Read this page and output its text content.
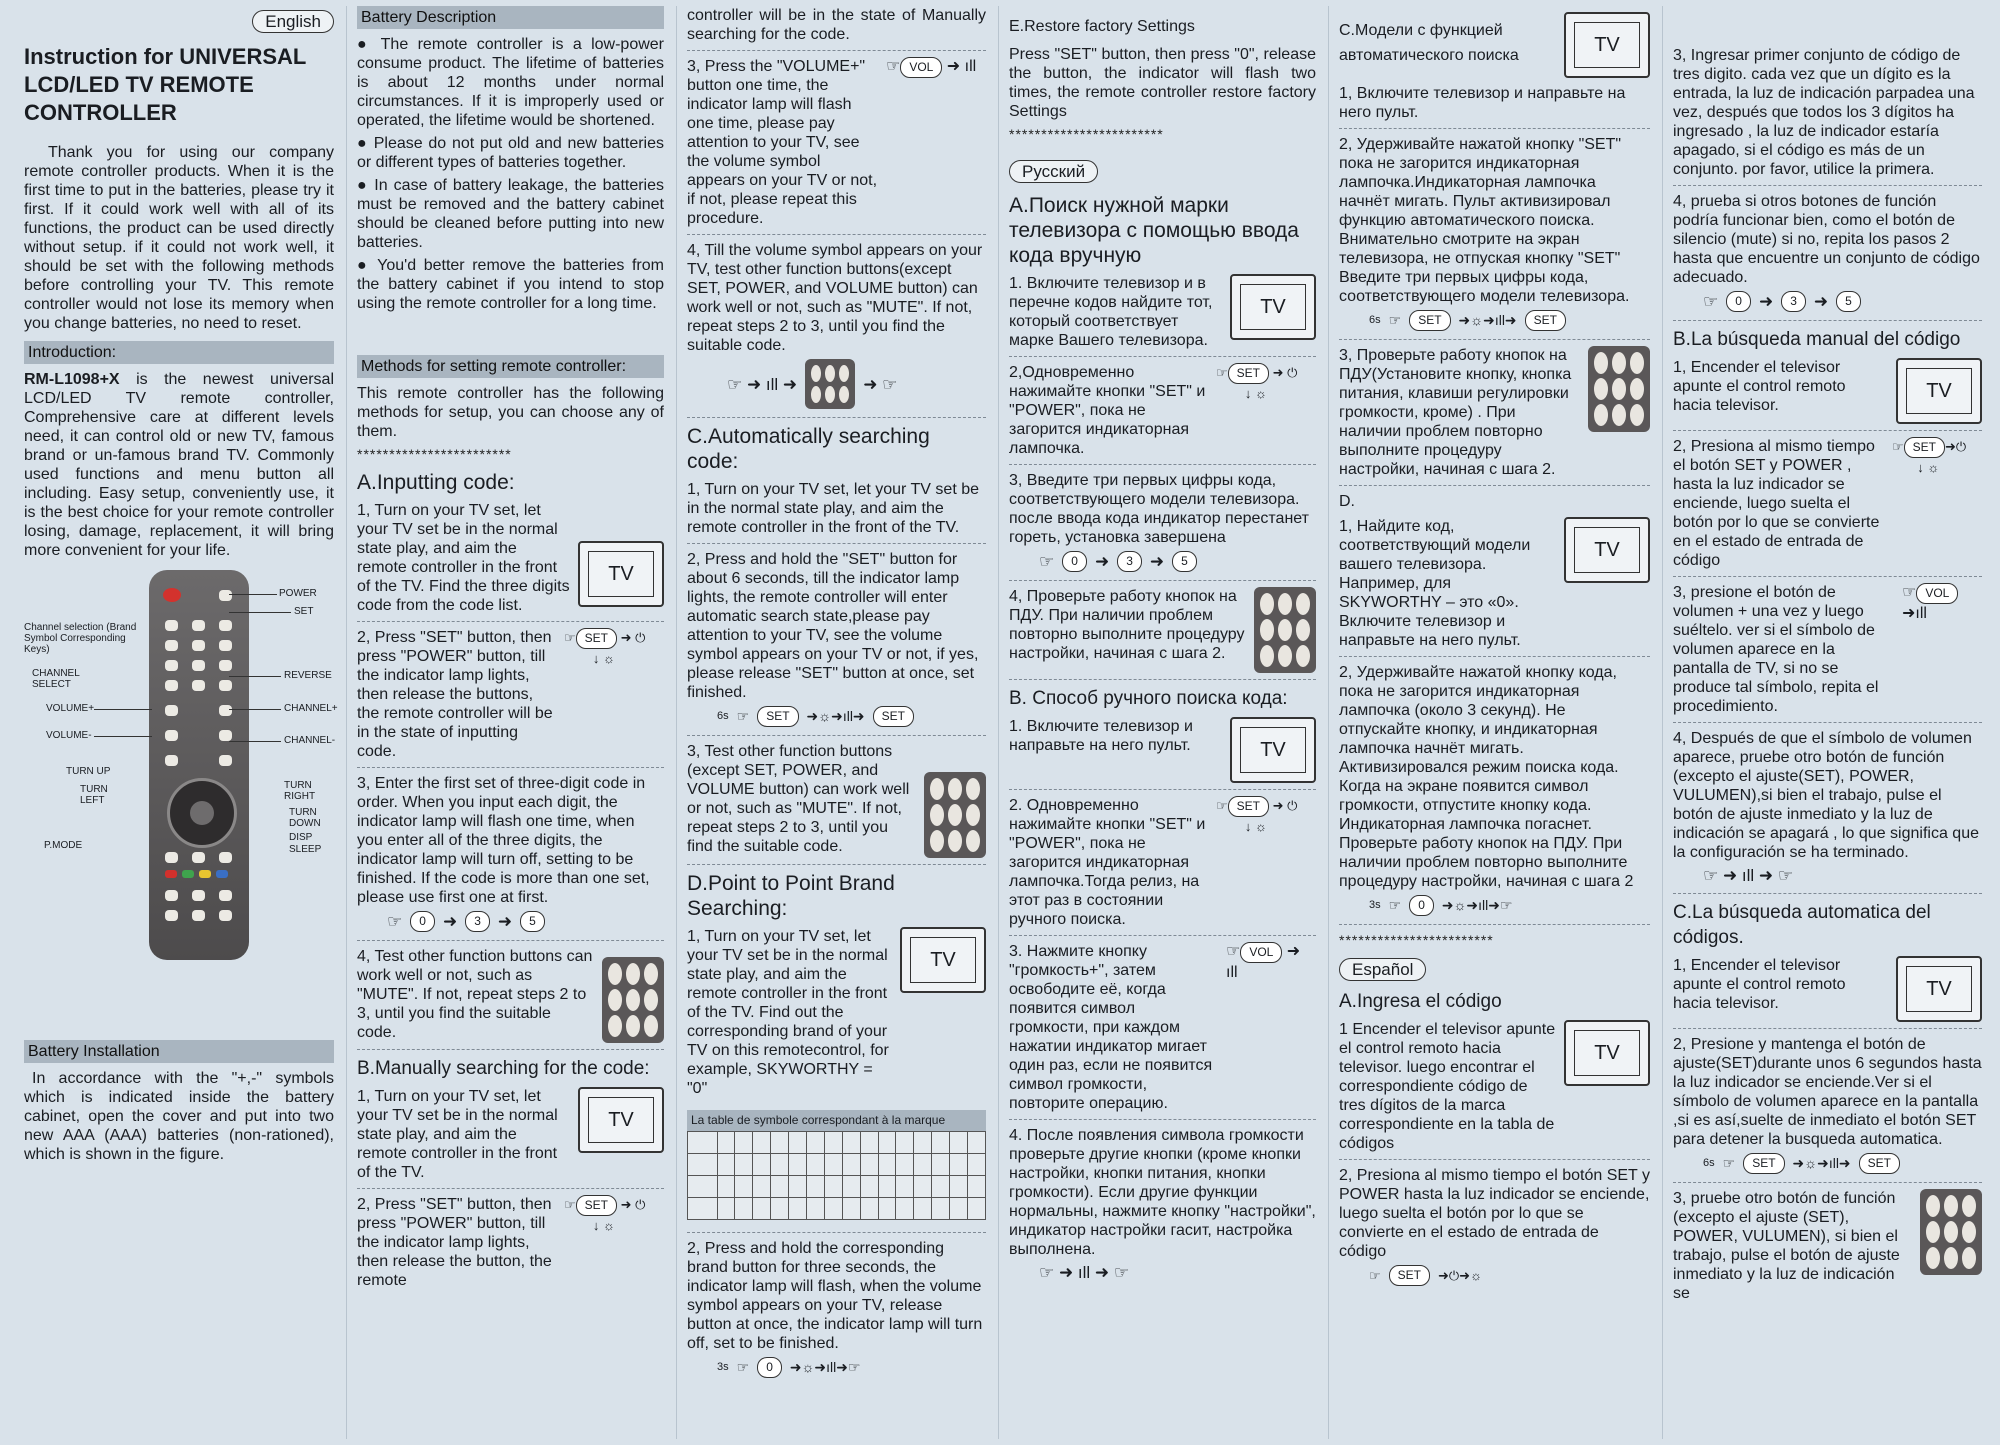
English
Instruction for UNIVERSAL LCD/LED TV REMOTE CONTROLLER

Thank you for using our company remote controller products. When it is the first time to put in the batteries, please try it first. If it could work well with all of its functions, the product can be used directly without setup. if it could not work well, it should be set with the following methods before controlling your TV. This remote controller would not lose its memory when you change batteries, no need to reset.

Introduction:

RM-L1098+X is the newest universal LCD/LED TV remote controller, Comprehensive care at different levels need, it can control old or new TV, famous brand or un-famous brand TV. Commonly used functions and menu button all including. Easy setup, conveniently use, it is the best choice for your remote controller losing, damage, replacement, it will bring more convenient for your life.

POWER
SET
Channel selection (Brand Symbol Corresponding Keys)
CHANNEL SELECT
REVERSE
VOLUME+	CHANNEL+
VOLUME-	CHANNEL-
TURN UP
TURN LEFT
TURN RIGHT
TURN DOWN
P.MODE
DISP
SLEEP
Battery Installation

In accordance with the "+,-" symbols which is indicated inside the battery cabinet, open the cover and put into two new AAA (AAA) batteries (non-rationed), which is shown in the figure.

Battery Description

● The remote controller is a low-power consume product. The lifetime of batteries is about 12 months under normal circumstances. If it is improperly used or operated, the lifetime would be shortened.

● Please do not put old and new batteries or different types of batteries together.

● In case of battery leakage, the batteries must be removed and the battery cabinet should be cleaned before putting into new batteries.

● You'd better remove the batteries from the battery cabinet if you intend to stop using the remote controller for a long time.

Methods for setting remote controller:

This remote controller has the following methods for setup, you can choose any of them.

************************
A.Inputting code:
1, Turn on your TV set, let your TV set be in the normal state play, and aim the remote controller in the front of the TV. Find the three digits code from the code list.
TV
2, Press "SET" button, then press "POWER" button, till the indicator lamp lights, then release the buttons, the remote controller will be in the state of inputting code.
☞ SET ➜ ⏻
↓ ☼
3, Enter the first set of three-digit code in order. When you input each digit, the indicator lamp will flash one time, when you enter all of the three digits, the indicator lamp will turn off, setting to be finished. If the code is more than one set, please use first one at first.
☞	0	➜	3	➜	5
4, Test other function buttons can work well or not, such as "MUTE". If not, repeat steps 2 to 3, until you find the suitable code.
B.Manually searching for the code:
1, Turn on your TV set, let your TV set be in the normal state play, and aim the remote controller in the front of the TV.
TV
2, Press "SET" button, then press "POWER" button, till the indicator lamp lights, then release the button, the remote
☞ SET ➜ ⏻
↓ ☼

controller will be in the state of Manually searching for the code.

3, Press the "VOLUME+" button one time, the indicator lamp will flash one time, please pay attention to your TV, see the volume symbol appears on your TV or not, if not, please repeat this procedure.
☞ VOL ➜ ıll
4, Till the volume symbol appears on your TV, test other function buttons(except SET, POWER, and VOLUME button) can work well or not, such as "MUTE". If not, repeat steps 2 to 3, until you find the suitable code.
☞ ➜ ıll ➜	➜ ☞
C.Automatically searching code:
1, Turn on your TV set, let your TV set be in the normal state play, and aim the remote controller in the front of the TV.
2, Press and hold the "SET" button for about 6 seconds, till the indicator lamp lights, the remote controller will enter automatic search state,please pay attention to your TV, see the volume symbol appears on your TV or not, if yes, please release "SET" button at once, set finished.
6s ☞	SET	➜☼➜ıll➜	SET
3, Test other function buttons (except SET, POWER, and VOLUME button) can work well or not, such as "MUTE". If not, repeat steps 2 to 3, until you find the suitable code.
D.Point to Point Brand Searching:
1, Turn on your TV set, let your TV set be in the normal state play, and aim the remote controller in the front of the TV. Find out the corresponding brand of your TV on this remotecontrol, for example, SKYWORTHY = "0"
TV
La table de symbole correspondant à la marque

2, Press and hold the corresponding brand button for three seconds, the indicator lamp will flash, when the volume symbol appears on your TV, release button at once, the indicator lamp will turn off, set to be finished.
3s ☞	0	➜☼➜ıll➜☞
E.Restore factory Settings

Press "SET" button, then press "0", release the button, the indicator will flash two times, the remote controller restore factory Settings

************************
Русский
А.Поиск нужной марки телевизора с помощью ввода кода вручную
1. Включите телевизор и в перечне кодов найдите тот, который соответствует марке Вашего телевизора.
TV
2,Одновременно нажимайте кнопки "SET" и "POWER", пока не загорится индикаторная лампочка.
☞ SET ➜ ⏻
↓ ☼
3, Введите три первых цифры кода, соответствующего модели телевизора. после ввода кода индикатор перестанет гореть, установка завершена
☞	0	➜	3	➜	5
4, Проверьте работу кнопок на ПДУ. При наличии проблем повторно выполните процедуру настройки, начиная с шага 2.
В. Способ ручного поиска кода:
1. Включите телевизор и направьте на него пульт.	TV
2. Одновременно нажимайте кнопки "SET" и "POWER", пока не загорится индикаторная лампочка.Тогда релиз, на этот раз в состоянии ручного поиска.
☞ SET ➜ ⏻
↓ ☼
3. Нажмите кнопку "громкость+", затем освободите её, когда появится символ громкости, при каждом нажатии индикатор мигает один раз, если не появится символ громкости, повторите операцию.
☞ VOL ➜ ıll
4. После появления символа громкости проверьте другие кнопки (кроме кнопки настройки, кнопки питания, кнопки громкости). Если другие функции нормальны, нажмите кнопку "настройки", индикатор настройки гасит, настройка выполнена.
☞ ➜ ıll ➜ ☞
С.Модели с функцией автоматического поиска	TV
1, Включите телевизор и направьте на него пульт.
2, Удерживайте нажатой кнопку "SET" пока не загорится индикаторная лампочка.Индикаторная лампочка начнёт мигать. Пульт активизировал функцию автоматического поиска. Внимательно смотрите на экран телевизора, не отпуская кнопку "SET" Введите три первых цифры кода, соответствующего модели телевизора.
6s ☞	SET	➜☼➜ıll➜	SET
3, Проверьте работу кнопок на ПДУ(Установите кнопку, кнопка питания, клавиши регулировки громкости, кроме) . При наличии проблем повторно выполните процедуру настройки, начиная с шага 2.
D.
1, Найдите код, соответствующий модели вашего телевизора. Например, для SKYWORTHY – это «0». Включите телевизор и направьте на него пульт.
TV
2, Удерживайте нажатой кнопку кода, пока не загорится индикаторная лампочка (около 3 секунд). Не отпускайте кнопку, и индикаторная лампочка начнёт мигать. Активизировался режим поиска кода. Когда на экране появится символ громкости, отпустите кнопку кода. Индикаторная лампочка погаснет. Проверьте работу кнопок на ПДУ. При наличии проблем повторно выполните процедуру настройки, начиная с шага 2
3s ☞	0	➜☼➜ıll➜☞
************************
Español
A.Ingresa el código
1 Encender el televisor apunte el control remoto hacia televisor. luego encontrar el correspondiente código de tres dígitos de la marca correspondiente en la tabla de códigos
TV
2, Presiona al mismo tiempo el botón SET y POWER hasta la luz indicador se enciende, luego suelta el botón por lo que se convierte en el estado de entrada de código
☞	SET	➜⏻➜☼
3, Ingresar primer conjunto de código de tres digito. cada vez que un dígito es la entrada, la luz de indicación parpadea una vez, después que todos los 3 dígitos ha ingresado , la luz de indicador estaría apagado, si el código es más de un conjunto. por favor, utilice la primera.
4, prueba si otros botones de función podría funcionar bien, como el botón de silencio (mute) si no, repita los pasos 2 hasta que encuentre un conjunto de código adecuado.
☞	0	➜	3	➜	5
B.La búsqueda manual del código
1, Encender el televisor apunte el control remoto hacia televisor.
TV
2, Presiona al mismo tiempo el botón SET y POWER , hasta la luz indicador se enciende, luego suelta el botón por lo que se convierte en el estado de entrada de código
☞ SET ➜⏻
↓ ☼
3, presione el botón de volumen + una vez y luego suéltelo. ver si el símbolo de volumen aparece en la pantalla de TV, si no se produce tal símbolo, repita el procedimiento.
☞ VOL➜ıll
4, Después de que el símbolo de volumen aparece, pruebe otro botón de función (excepto el ajuste(SET), POWER, VULUMEN),si bien el trabajo, pulse el botón de ajuste inmediato y la luz de indicación se apagará , lo que significa que la configuración se ha terminado.
☞ ➜ ıll ➜ ☞
C.La búsqueda automatica del códigos.
1, Encender el televisor apunte el control remoto hacia televisor.
TV
2, Presione y mantenga el botón de ajuste(SET)durante unos 6 segundos hasta la luz indicador se enciende.Ver si el símbolo de volumen aparece en la pantalla ,si es así,suelte de inmediato el botón SET para detener la busqueda automatica.
6s ☞	SET	➜☼➜ıll➜	SET
3, pruebe otro botón de función (excepto el ajuste (SET), POWER, VULUMEN), si bien el trabajo, pulse el botón de ajuste inmediato y la luz de indicación se
